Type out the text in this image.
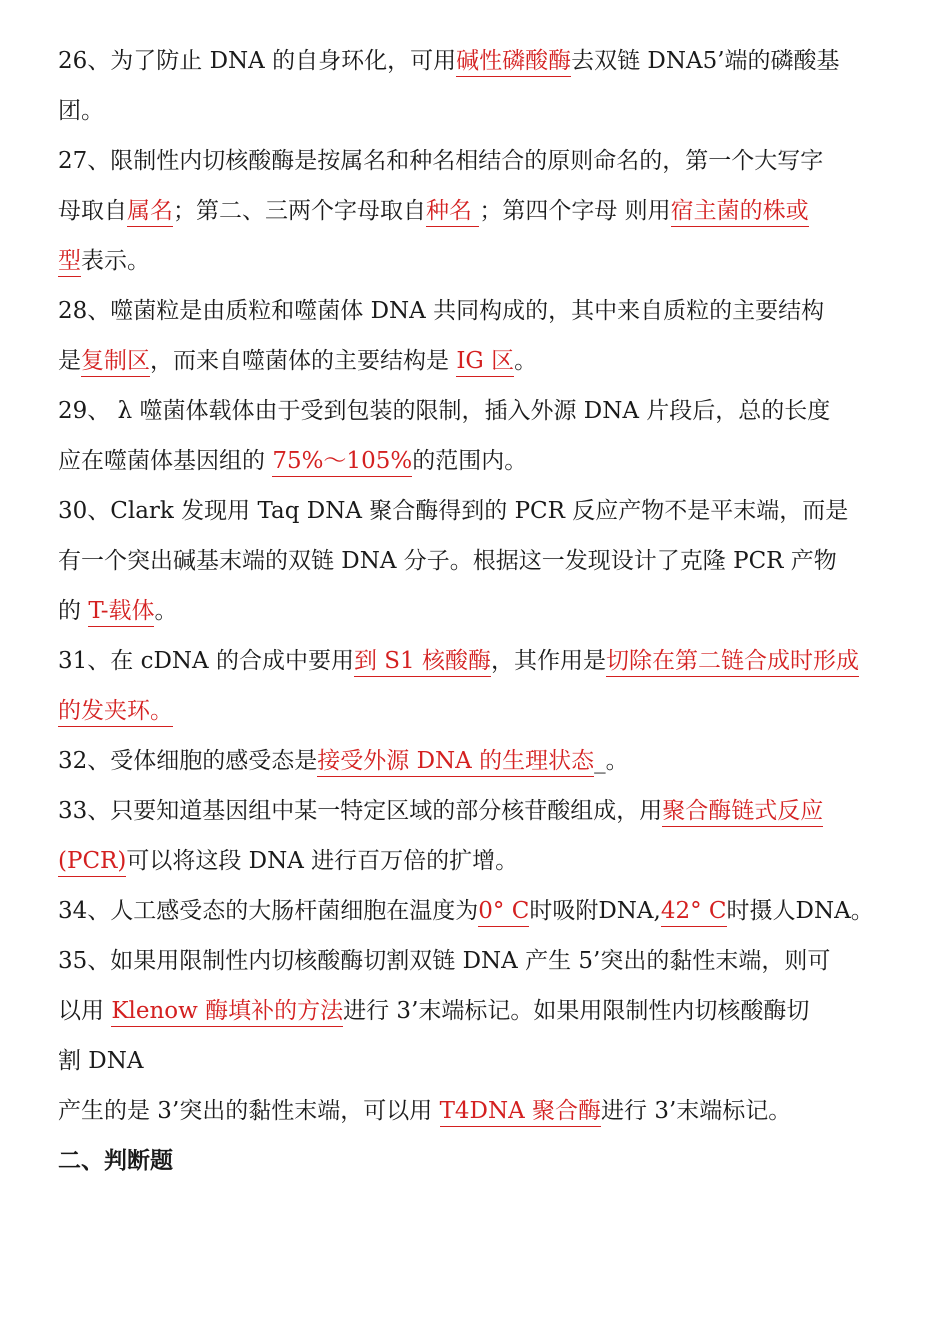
26、为了防止 DNA 的自身环化，可用碱性磷酸酶去双链 DNA5’端的磷酸基
团。
27、限制性内切核酸酶是按属名和种名相结合的原则命名的，第一个大写字
母取自属名；第二、三两个字母取自种名 ；第四个字母 则用宿主菌的株或
型表示。
28、噬菌粒是由质粒和噬菌体 DNA 共同构成的，其中来自质粒的主要结构
是复制区，而来自噬菌体的主要结构是 IG 区。
29、 λ 噬菌体载体由于受到包装的限制，插入外源 DNA 片段后，总的长度
应在噬菌体基因组的 75%～105%的范围内。
30、Clark 发现用 Taq DNA 聚合酶得到的 PCR 反应产物不是平末端，而是
有一个突出碱基末端的双链 DNA 分子。根据这一发现设计了克隆 PCR 产物
的 T-载体。
31、在 cDNA 的合成中要用到 S1 核酸酶，其作用是切除在第二链合成时形成
的发夹环。
32、受体细胞的感受态是接受外源 DNA 的生理状态_。
33、只要知道基因组中某一特定区域的部分核苷酸组成，用聚合酶链式反应
(PCR)可以将这段 DNA 进行百万倍的扩增。
34、人工感受态的大肠杆菌细胞在温度为0° C时吸附DNA,42° C时摄人DNA。
35、如果用限制性内切核酸酶切割双链 DNA 产生 5’突出的黏性末端，则可
以用 Klenow 酶填补的方法进行 3’末端标记。如果用限制性内切核酸酶切
割 DNA
产生的是 3’突出的黏性末端，可以用 T4DNA 聚合酶进行 3’末端标记。
二、判断题
